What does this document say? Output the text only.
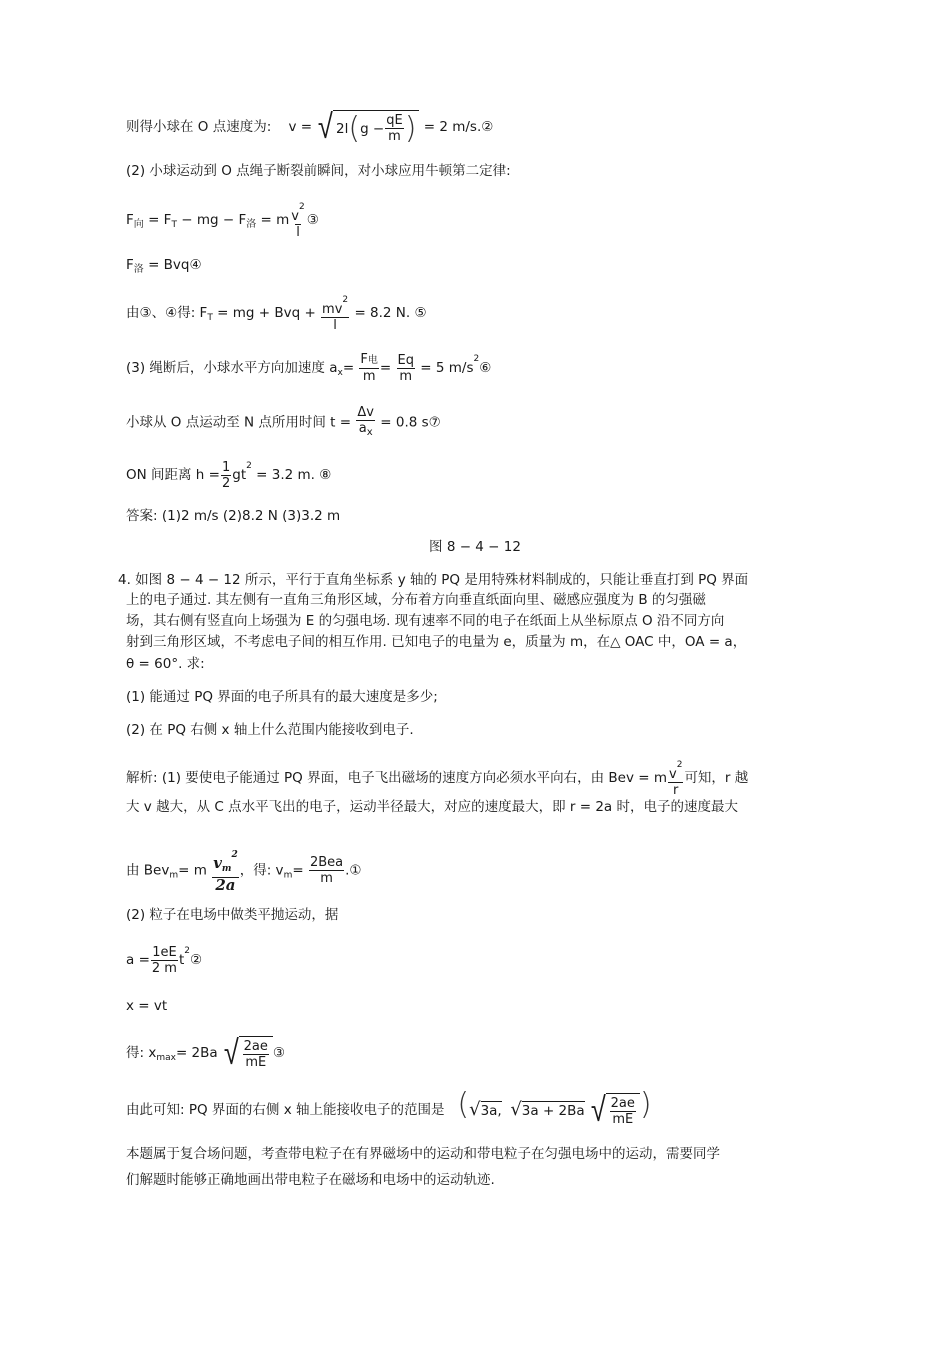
则得小球在 O 点速度为: v = √ 2l ( $g - \frac{qE}{m}$ ) = 2 m/s.②
(2) 小球运动到 O 点绳子断裂前瞬间，对小球应用牛顿第二定律:
$F_向 = F_T$ − mg − $F_洛 = m \frac{v^2}{l}$ ③
$F_洛$ = Bvq④
由③、④得: $F_T$ = mg + Bvq + $\frac{mv^2}{l} = 8.2$ N. ⑤
(3) 绳断后，小球水平方向加速度 $a_x= \frac{\text{F电}}{m} = \frac{Eq}{m} = 5$ $m/s^2⑥$
小球从 O 点运动至 N 点所用时间 $t = \frac{\Delta v}{a_x} = 0.8$ s⑦
ON 间距离 $h = \frac{1}{2} gt^2 = 3.2$ m. ⑧
答案: (1)2 m/s (2)8.2 N (3)3.2 m
图 8 − 4 − 12
4. 如图 8 − 4 − 12 所示，平行于直角坐标系 y 轴的 PQ 是用特殊材料制成的，只能让垂直打到 PQ 界面
上的电子通过. 其左侧有一直角三角形区域，分布着方向垂直纸面向里、磁感应强度为 B 的匀强磁
场，其右侧有竖直向上场强为 E 的匀强电场. 现有速率不同的电子在纸面上从坐标原点 O 沿不同方向
射到三角形区域，不考虑电子间的相互作用. 已知电子的电量为 e，质量为 m，在△ OAC 中，OA = a，
θ = 60°. 求:
(1) 能通过 PQ 界面的电子所具有的最大速度是多少;
(2) 在 PQ 右侧 x 轴上什么范围内能接收到电子.
解析: (1) 要使电子能通过 PQ 界面，电子飞出磁场的速度方向必须水平向右，由 Bev = m $\frac{v^2}{r}$ 可知，r 越
大 v 越大，从 C 点水平飞出的电子，运动半径最大，对应的速度最大，即 r = 2a 时，电子的速度最大
由 Bev$_m$= m $\frac{v_m^2}{2a}$ ，得: $v_m= \frac{\text{2Bea}}{m}$ .①
(2) 粒子在电场中做类平抛运动，据
$a = \frac{1eE}{2 m}$ $t^2②$
x = vt
得: $x_{max}= 2Ba$ √ $\frac{2ae}{mE}$ ③
由此可知: PQ 界面的右侧 x 轴上能接收电子的范围是 ( √ 3a,
√ 3a + 2Ba
√ $\frac{2ae}{mE}$ )
本题属于复合场问题，考查带电粒子在有界磁场中的运动和带电粒子在匀强电场中的运动，需要同学
们解题时能够正确地画出带电粒子在磁场和电场中的运动轨迹.
